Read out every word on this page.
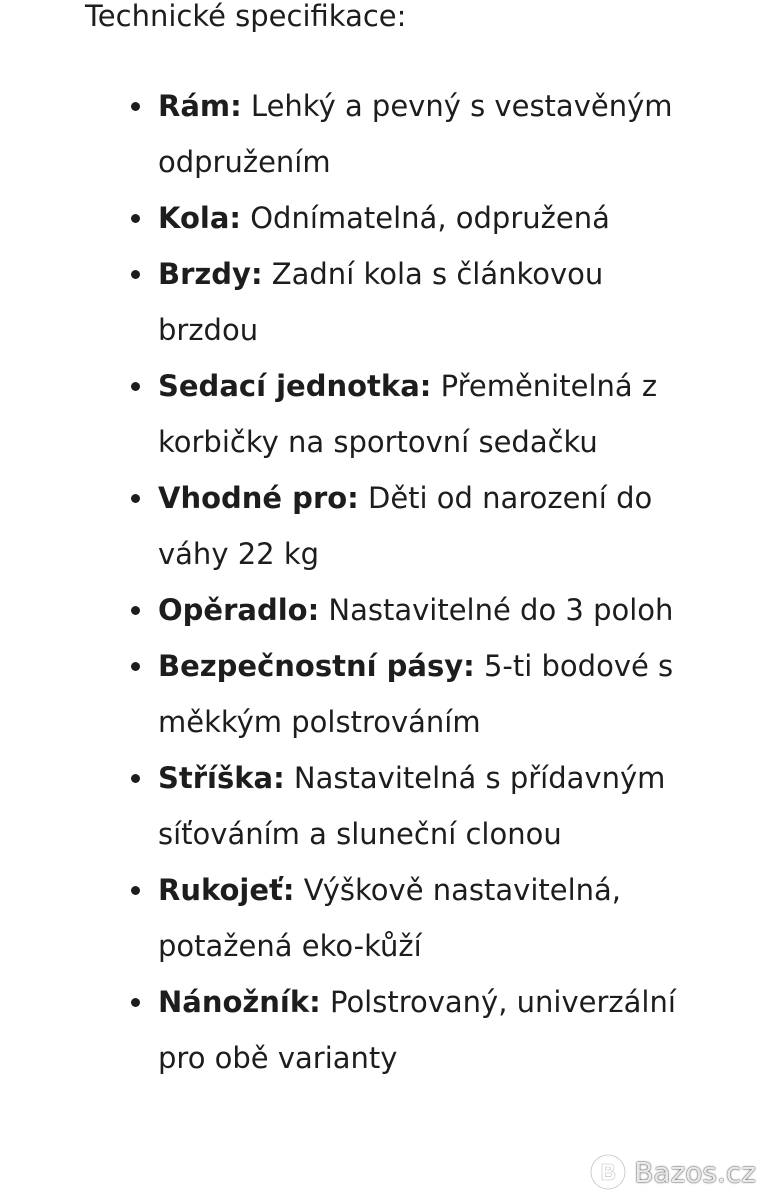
Technické specifikace:
Rám: Lehký a pevný s vestavěným odpružením
Kola: Odnímatelná, odpružená
Brzdy: Zadní kola s článkovou brzdou
Sedací jednotka: Přeměnitelná z korbičky na sportovní sedačku
Vhodné pro: Děti od narození do váhy 22 kg
Opěradlo: Nastavitelné do 3 poloh
Bezpečnostní pásy: 5-ti bodové s měkkým polstrováním
Stříška: Nastavitelná s přídavným síťováním a sluneční clonou
Rukojeť: Výškově nastavitelná, potažená eko-kůží
Nánožník: Polstrovaný, univerzální pro obě varianty
Bazos.cz
